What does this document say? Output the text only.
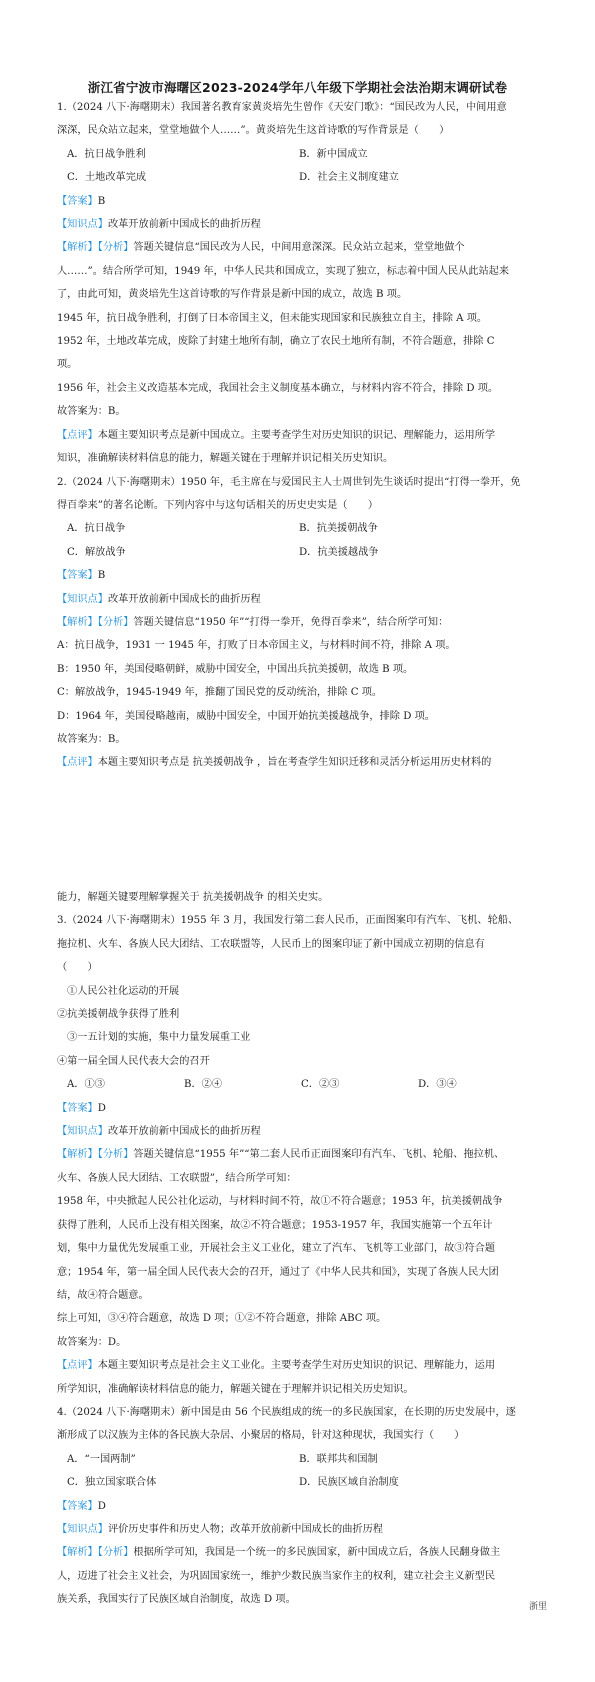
浙江省宁波市海曙区2023-2024学年八年级下学期社会法治期末调研试卷

1.（2024 八下·海曙期末）我国著名教育家黄炎培先生曾作《天安门歌》：“国民改为人民，中间用意

深深，民众站立起来，堂堂地做个人……”。黄炎培先生这首诗歌的写作背景是（　　）

A．抗日战争胜利	B．新中国成立
C．土地改革完成	D．社会主义制度建立

【答案】B

【知识点】改革开放前新中国成长的曲折历程

【解析】【分析】答题关键信息“国民改为人民，中间用意深深。民众站立起来，堂堂地做个

人……”。结合所学可知，1949 年，中华人民共和国成立，实现了独立，标志着中国人民从此站起来

了，由此可知，黄炎培先生这首诗歌的写作背景是新中国的成立，故选 B 项。

1945 年，抗日战争胜利，打倒了日本帝国主义，但未能实现国家和民族独立自主，排除 A 项。

1952 年，土地改革完成，废除了封建土地所有制，确立了农民土地所有制，不符合题意，排除 C

项。

1956 年，社会主义改造基本完成，我国社会主义制度基本确立，与材料内容不符合，排除 D 项。

故答案为：B。

【点评】本题主要知识考点是新中国成立。主要考查学生对历史知识的识记、理解能力，运用所学

知识，准确解读材料信息的能力，解题关键在于理解并识记相关历史知识。

2.（2024 八下·海曙期末）1950 年，毛主席在与爱国民主人士周世钊先生谈话时提出“打得一拳开，免

得百拳来”的著名论断。下列内容中与这句话相关的历史史实是（　　）

A．抗日战争	B．抗美援朝战争
C．解放战争	D．抗美援越战争

【答案】B

【知识点】改革开放前新中国成长的曲折历程

【解析】【分析】答题关键信息“1950 年”“打得一拳开，免得百拳来”，结合所学可知：

A：抗日战争，1931 一 1945 年，打败了日本帝国主义，与材料时间不符，排除 A 项。

B：1950 年，美国侵略朝鲜，威胁中国安全，中国出兵抗美援朝，故选 B 项。

C：解放战争，1945-1949 年，推翻了国民党的反动统治，排除 C 项。

D：1964 年，美国侵略越南，威胁中国安全，中国开始抗美援越战争，排除 D 项。

故答案为：B。

【点评】本题主要知识考点是 抗美援朝战争 ，旨在考查学生知识迁移和灵活分析运用历史材料的

能力，解题关键要理解掌握关于 抗美援朝战争 的相关史实。

3.（2024 八下·海曙期末）1955 年 3 月，我国发行第二套人民币，正面图案印有汽车、飞机、轮船、

拖拉机、火车、各族人民大团结、工农联盟等，人民币上的图案印证了新中国成立初期的信息有

（　　）

①人民公社化运动的开展

②抗美援朝战争获得了胜利

③一五计划的实施，集中力量发展重工业

④第一届全国人民代表大会的召开

A．①③	B．②④	C．②③	D．③④

【答案】D

【知识点】改革开放前新中国成长的曲折历程

【解析】【分析】答题关键信息“1955 年”“第二套人民币正面图案印有汽车、飞机、轮船、拖拉机、

火车、各族人民大团结、工农联盟”，结合所学可知：

1958 年，中央掀起人民公社化运动，与材料时间不符，故①不符合题意；1953 年，抗美援朝战争

获得了胜利，人民币上没有相关图案，故②不符合题意；1953-1957 年，我国实施第一个五年计

划，集中力量优先发展重工业，开展社会主义工业化，建立了汽车、飞机等工业部门，故③符合题

意；1954 年，第一届全国人民代表大会的召开，通过了《中华人民共和国》，实现了各族人民大团

结，故④符合题意。

综上可知，③④符合题意，故选 D 项；①②不符合题意，排除 ABC 项。

故答案为：D。

【点评】本题主要知识考点是社会主义工业化。主要考查学生对历史知识的识记、理解能力，运用

所学知识，准确解读材料信息的能力，解题关键在于理解并识记相关历史知识。

4.（2024 八下·海曙期末）新中国是由 56 个民族组成的统一的多民族国家，在长期的历史发展中，逐

渐形成了以汉族为主体的各民族大杂居、小聚居的格局，针对这种现状，我国实行（　　）

A．“一国两制”	B．联邦共和国制
C．独立国家联合体	D．民族区域自治制度

【答案】D

【知识点】评价历史事件和历史人物；改革开放前新中国成长的曲折历程

【解析】【分析】根据所学可知，我国是一个统一的多民族国家，新中国成立后，各族人民翻身做主

人，迈进了社会主义社会，为巩固国家统一，维护少数民族当家作主的权利，建立社会主义新型民

族关系，我国实行了民族区域自治制度，故选 D 项。

浙里
